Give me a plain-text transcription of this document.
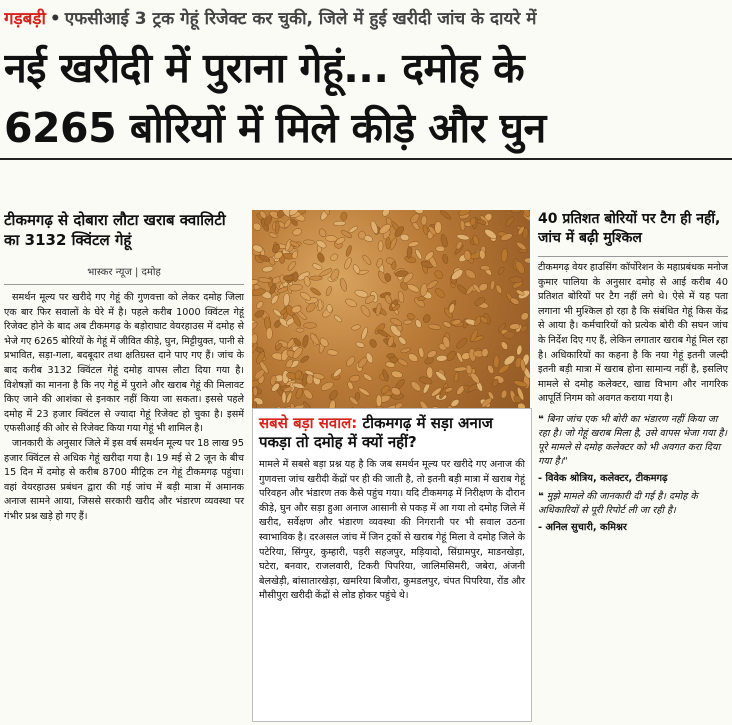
गड़बड़ी • एफसीआई 3 ट्रक गेहूं रिजेक्ट कर चुकी, जिले में हुई खरीदी जांच के दायरे में
नई खरीदी में पुराना गेहूं... दमोह के
6265 बोरियों में मिले कीड़े और घुन
टीकमगढ़ से दोबारा लौटा खराब क्वालिटी का 3132 क्विंटल गेहूं
भास्कर न्यूज | दमोह

समर्थन मूल्य पर खरीदे गए गेहूं की गुणवत्ता को लेकर दमोह जिला एक बार फिर सवालों के घेरे में है। पहले करीब 1000 क्विंटल गेहूं रिजेक्ट होने के बाद अब टीकमगढ़ के बड़ोराघाट वेयरहाउस में दमोह से भेजे गए 6265 बोरियों के गेहूं में जीवित कीड़े, घुन, मिट्टीयुक्त, पानी से प्रभावित, सड़ा-गला, बदबूदार तथा क्षतिग्रस्त दाने पाए गए हैं। जांच के बाद करीब 3132 क्विंटल गेहूं दमोह वापस लौटा दिया गया है। विशेषज्ञों का मानना है कि नए गेहूं में पुराने और खराब गेहूं की मिलावट किए जाने की आशंका से इनकार नहीं किया जा सकता। इससे पहले दमोह में 23 हजार क्विंटल से ज्यादा गेहूं रिजेक्ट हो चुका है। इसमें एफसीआई की ओर से रिजेक्ट किया गया गेहूं भी शामिल है।

जानकारी के अनुसार जिले में इस वर्ष समर्थन मूल्य पर 18 लाख 95 हजार क्विंटल से अधिक गेहूं खरीदा गया है। 19 मई से 2 जून के बीच 15 दिन में दमोह से करीब 8700 मीट्रिक टन गेहूं टीकमगढ़ पहुंचा। वहां वेयरहाउस प्रबंधन द्वारा की गई जांच में बड़ी मात्रा में अमानक अनाज सामने आया, जिससे सरकारी खरीद और भंडारण व्यवस्था पर गंभीर प्रश्न खड़े हो गए हैं।

सबसे बड़ा सवाल: टीकमगढ़ में सड़ा अनाज पकड़ा तो दमोह में क्यों नहीं?
मामले में सबसे बड़ा प्रश्न यह है कि जब समर्थन मूल्य पर खरीदे गए अनाज की गुणवत्ता जांच खरीदी केंद्रों पर ही की जाती है, तो इतनी बड़ी मात्रा में खराब गेहूं परिवहन और भंडारण तक कैसे पहुंच गया। यदि टीकमगढ़ में निरीक्षण के दौरान कीड़े, घुन और सड़ा हुआ अनाज आसानी से पकड़ में आ गया तो दमोह जिले में खरीद, सर्वेक्षण और भंडारण व्यवस्था की निगरानी पर भी सवाल उठना स्वाभाविक है। दरअसल जांच में जिन ट्रकों से खराब गेहूं मिला वे दमोह जिले के पटेरिया, सिंग्पुर, कुम्हारी, पड़री सहजपुर, मड़ियादो, सिंग्रामपुर, माडनखेड़ा, घटेरा, बनवार, राजलवारी, टिकरी पिपरिया, जालिमसिमरी, जबेरा, अंजनी बेलखेड़ी, बांसातारखेड़ा, खमरिया बिजौरा, कुमडलपुर, चंपत पिपरिया, रोंड और मौसीपुरा खरीदी केंद्रों से लोड होकर पहुंचे थे।
40 प्रतिशत बोरियों पर टैग ही नहीं, जांच में बढ़ी मुश्किल
टीकमगढ़ वेयर हाउसिंग कॉर्पोरेशन के महाप्रबंधक मनोज कुमार पालिया के अनुसार दमोह से आई करीब 40 प्रतिशत बोरियों पर टैग नहीं लगे थे। ऐसे में यह पता लगाना भी मुश्किल हो रहा है कि संबंधित गेहूं किस केंद्र से आया है। कर्मचारियों को प्रत्येक बोरी की सघन जांच के निर्देश दिए गए हैं, लेकिन लगातार खराब गेहूं मिल रहा है। अधिकारियों का कहना है कि नया गेहूं इतनी जल्दी इतनी बड़ी मात्रा में खराब होना सामान्य नहीं है, इसलिए मामले से दमोह कलेक्टर, खाद्य विभाग और नागरिक आपूर्ति निगम को अवगत कराया गया है।
❝ बिना जांच एक भी बोरी का भंडारण नहीं किया जा रहा है। जो गेहूं खराब मिला है, उसे वापस भेजा गया है। पूरे मामले से दमोह कलेक्टर को भी अवगत करा दिया गया है।"
- विवेक श्रोत्रिय, कलेक्टर, टीकमगढ़
❝ मुझे मामले की जानकारी दी गई है। दमोह के अधिकारियों से पूरी रिपोर्ट ली जा रही है।
- अनिल सुचारी, कमिश्नर
